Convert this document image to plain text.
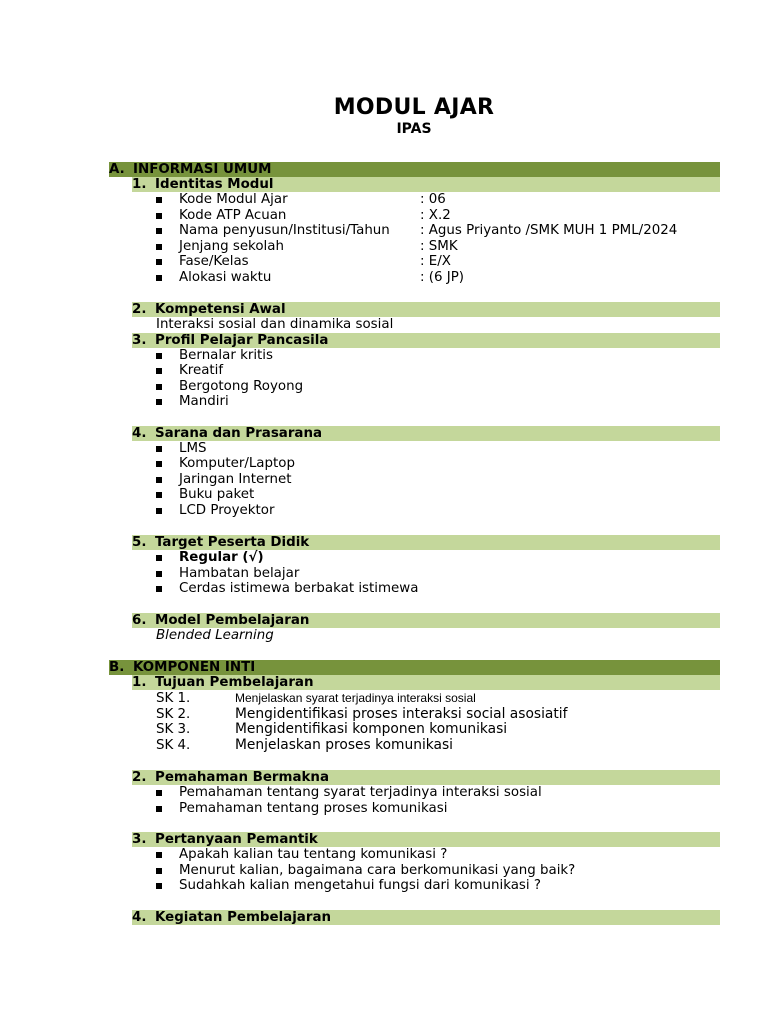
MODUL AJAR
IPAS
A. INFORMASI UMUM
1. Identitas Modul
Kode Modul Ajar	: 06
Kode ATP Acuan	: X.2
Nama penyusun/Institusi/Tahun : Agus Priyanto /SMK MUH 1 PML/2024
Jenjang sekolah	: SMK
Fase/Kelas	: E/X
Alokasi waktu	: (6 JP)
2. Kompetensi Awal
Interaksi sosial dan dinamika sosial
3. Profil Pelajar Pancasila
Bernalar kritis
Kreatif
Bergotong Royong
Mandiri
4. Sarana dan Prasarana
LMS
Komputer/Laptop
Jaringan Internet
Buku paket
LCD Proyektor
5. Target Peserta Didik
Regular (√)
Hambatan belajar
Cerdas istimewa berbakat istimewa
6. Model Pembelajaran
Blended Learning
B. KOMPONEN INTI
1. Tujuan Pembelajaran
SK 1.	Menjelaskan syarat terjadinya interaksi sosial
SK 2.	Mengidentifikasi proses interaksi social asosiatif
SK 3.	Mengidentifikasi komponen komunikasi
SK 4.	Menjelaskan proses komunikasi
2. Pemahaman Bermakna
Pemahaman tentang syarat terjadinya interaksi sosial
Pemahaman tentang proses komunikasi
3. Pertanyaan Pemantik
Apakah kalian tau tentang komunikasi ?
Menurut kalian, bagaimana cara berkomunikasi yang baik?
Sudahkah kalian mengetahui fungsi dari komunikasi ?
4. Kegiatan Pembelajaran
